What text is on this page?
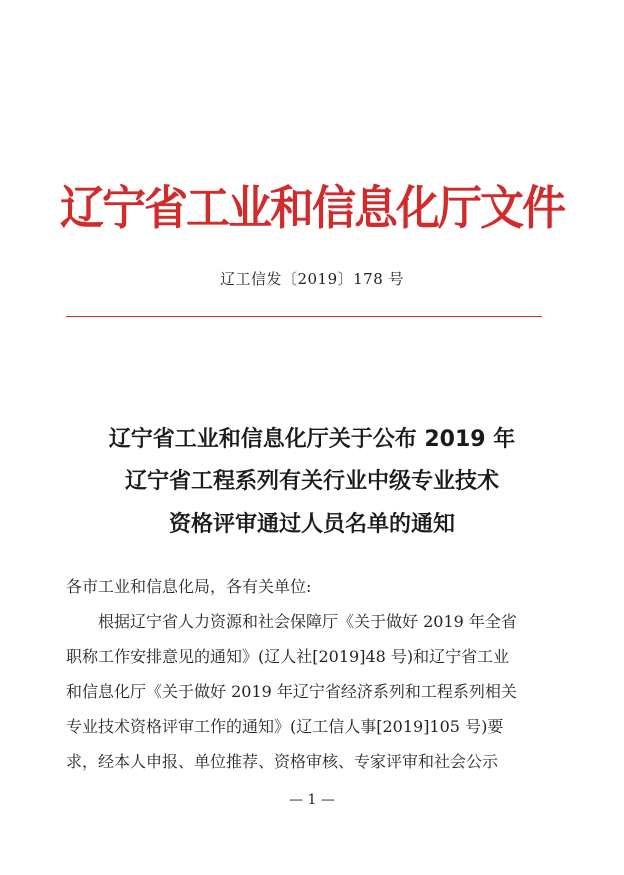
辽宁省工业和信息化厅文件
辽工信发〔2019〕178 号
辽宁省工业和信息化厅关于公布 2019 年
辽宁省工程系列有关行业中级专业技术
资格评审通过人员名单的通知
各市工业和信息化局，各有关单位:
根据辽宁省人力资源和社会保障厅《关于做好 2019 年全省
职称工作安排意见的通知》(辽人社[2019]48 号)和辽宁省工业
和信息化厅《关于做好 2019 年辽宁省经济系列和工程系列相关
专业技术资格评审工作的通知》(辽工信人事[2019]105 号)要
求，经本人申报、单位推荐、资格审核、专家评审和社会公示
— 1 —
